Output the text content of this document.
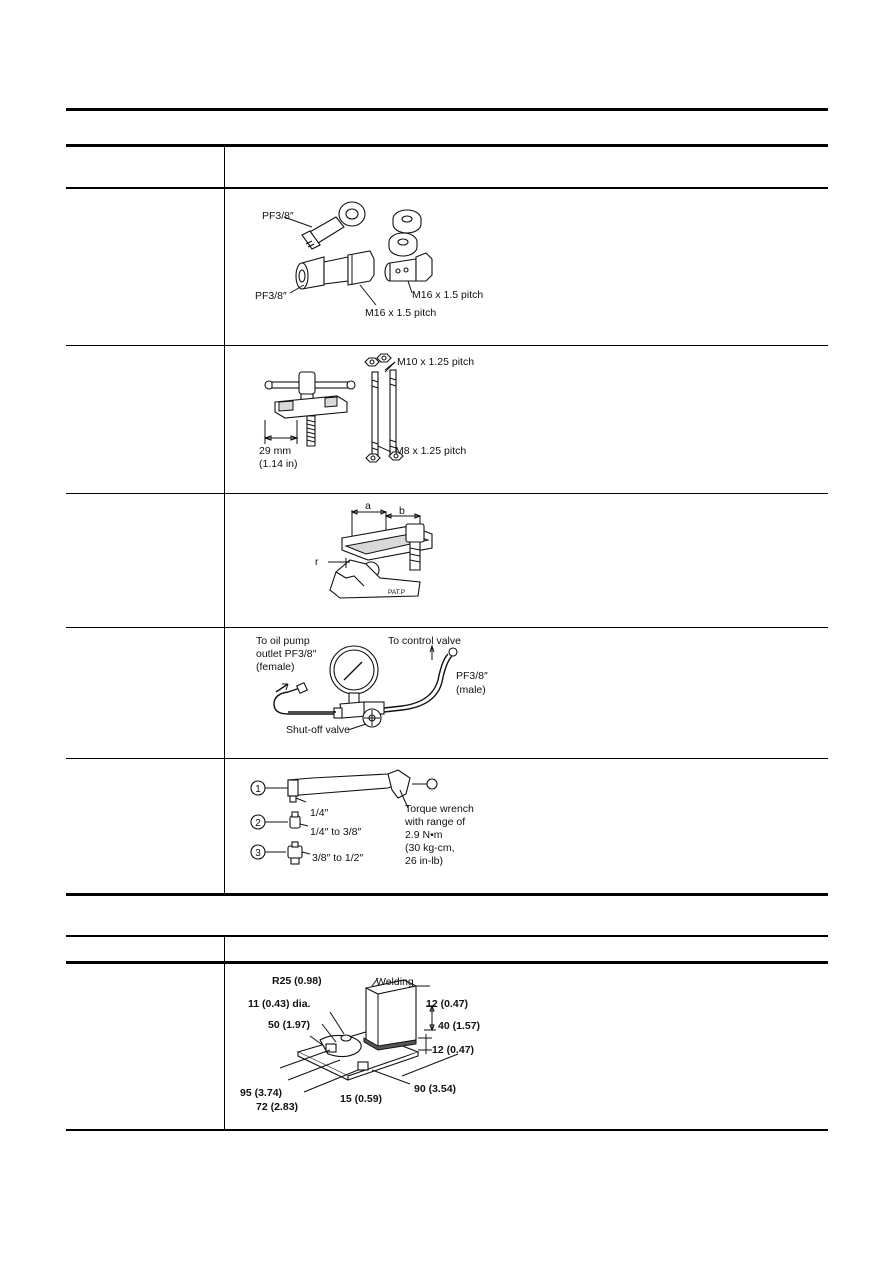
PF3/8″
PF3/8″	M16 x 1.5 pitch
M16 x 1.5 pitch
M10 x 1.25 pitch
M8 x 1.25 pitch
29 mm
(1.14 in)
a	b
r
PAT.P
To oil pump
outlet PF3/8″
(female)
To control valve
PF3/8″
(male)
Shut-off valve
1
2
3
1/4″
1/4″ to 3/8″
3/8″ to 1/2″
Torque wrench
with range of
2.9 N•m
(30 kg-cm,
26 in-lb)
R25 (0.98)	Welding
11 (0.43) dia.	12 (0.47)
50 (1.97)	40 (1.57)
12 (0.47)
95 (3.74)
72 (2.83)
15 (0.59)
90 (3.54)
